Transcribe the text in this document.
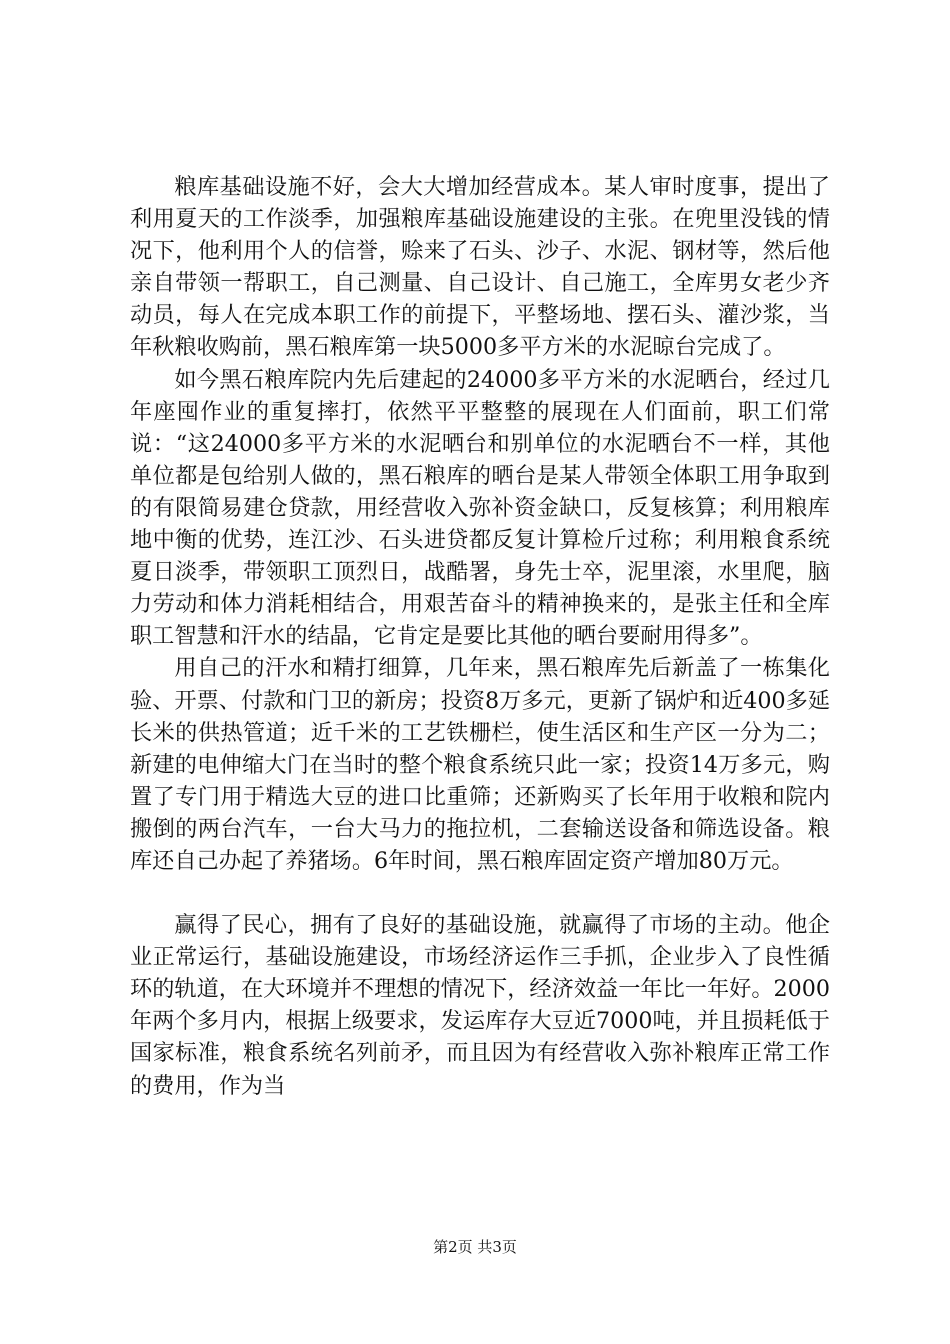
粮库基础设施不好，会大大增加经营成本。某人审时度事，提出了利用夏天的工作淡季，加强粮库基础设施建设的主张。在兜里没钱的情况下，他利用个人的信誉，赊来了石头、沙子、水泥、钢材等，然后他亲自带领一帮职工，自己测量、自己设计、自己施工，全库男女老少齐动员，每人在完成本职工作的前提下，平整场地、摆石头、灌沙浆，当年秋粮收购前，黑石粮库第一块5000多平方米的水泥晾台完成了。

如今黑石粮库院内先后建起的24000多平方米的水泥晒台，经过几年座囤作业的重复摔打，依然平平整整的展现在人们面前，职工们常说：“这24000多平方米的水泥晒台和别单位的水泥晒台不一样，其他单位都是包给别人做的，黑石粮库的晒台是某人带领全体职工用争取到的有限简易建仓贷款，用经营收入弥补资金缺口，反复核算；利用粮库地中衡的优势，连江沙、石头进贷都反复计算检斤过称；利用粮食系统夏日淡季，带领职工顶烈日，战酷署，身先士卒，泥里滚，水里爬，脑力劳动和体力消耗相结合，用艰苦奋斗的精神换来的，是张主任和全库职工智慧和汗水的结晶，它肯定是要比其他的晒台要耐用得多”。

用自己的汗水和精打细算，几年来，黑石粮库先后新盖了一栋集化验、开票、付款和门卫的新房；投资8万多元，更新了锅炉和近400多延长米的供热管道；近千米的工艺铁栅栏，使生活区和生产区一分为二；新建的电伸缩大门在当时的整个粮食系统只此一家；投资14万多元，购置了专门用于精选大豆的进口比重筛；还新购买了长年用于收粮和院内搬倒的两台汽车，一台大马力的拖拉机，二套输送设备和筛选设备。粮库还自己办起了养猪场。6年时间，黑石粮库固定资产增加80万元。

赢得了民心，拥有了良好的基础设施，就赢得了市场的主动。他企业正常运行，基础设施建设，市场经济运作三手抓，企业步入了良性循环的轨道，在大环境并不理想的情况下，经济效益一年比一年好。2000年两个多月内，根据上级要求，发运库存大豆近7000吨，并且损耗低于国家标准，粮食系统名列前矛，而且因为有经营收入弥补粮库正常工作的费用，作为当

第2页 共3页
